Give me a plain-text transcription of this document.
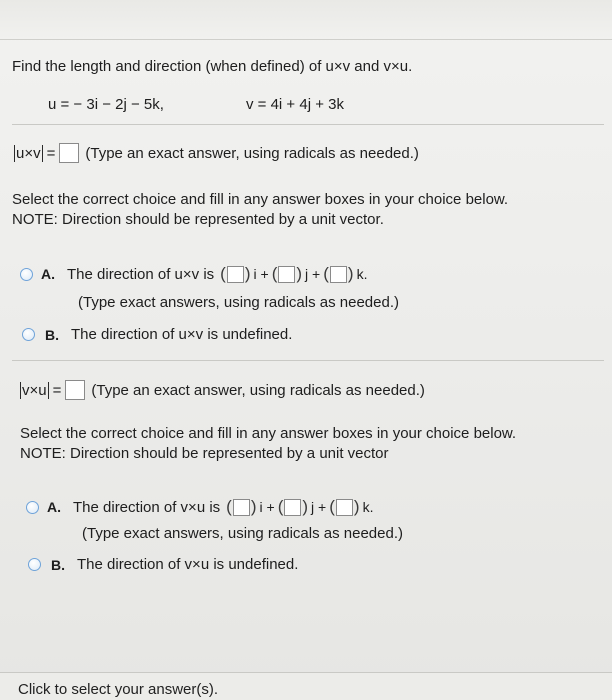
Find the length and direction (when defined) of u×v and v×u.
u = − 3i − 2j − 5k,	v = 4i + 4j + 3k
u×v = (Type an exact answer, using radicals as needed.)
Select the correct choice and fill in any answer boxes in your choice below.
NOTE: Direction should be represented by a unit vector.
A. The direction of u×v is ( ) i + ( ) j + ( ) k.
(Type exact answers, using radicals as needed.)
B. The direction of u×v is undefined.
v×u = (Type an exact answer, using radicals as needed.)
Select the correct choice and fill in any answer boxes in your choice below.
NOTE: Direction should be represented by a unit vector
A. The direction of v×u is ( ) i + ( ) j + ( ) k.
(Type exact answers, using radicals as needed.)
B. The direction of v×u is undefined.
Click to select your answer(s).
